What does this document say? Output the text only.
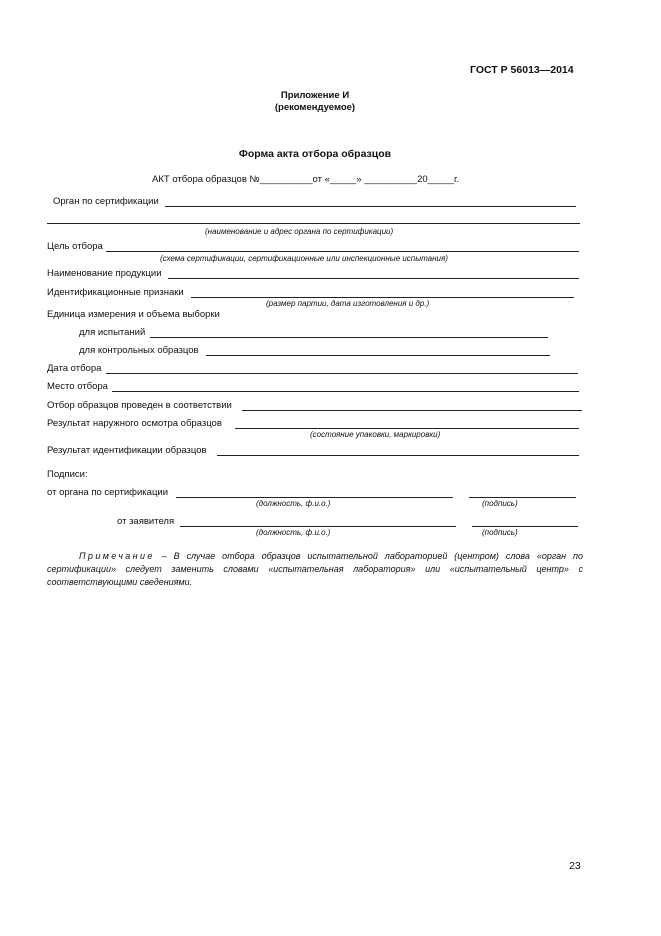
ГОСТ Р 56013—2014
Приложение И
(рекомендуемое)
Форма акта отбора образцов
АКТ отбора образцов №__________от «_____» __________20_____г.
Орган по сертификации
(наименование и адрес органа по сертификации)
Цель отбора
(схема сертификации, сертификационные или инспекционные испытания)
Наименование продукции
Идентификационные признаки
(размер партии, дата изготовления и др.)
Единица измерения и объема выборки
для испытаний
для контрольных образцов
Дата отбора
Место отбора
Отбор образцов проведен в соответствии
Результат наружного осмотра образцов
(состояние упаковки, маркировки)
Результат идентификации образцов
Подписи:
от органа по сертификации
(должность, ф.и.о.)	(подпись)
от заявителя
(должность, ф.и.о.)	(подпись)
Примечание – В случае отбора образцов испытательной лабораторией (центром) слова «орган по сертификации» следует заменить словами «испытательная лаборатория» или «испытательный центр» с соответствующими сведениями.
23
